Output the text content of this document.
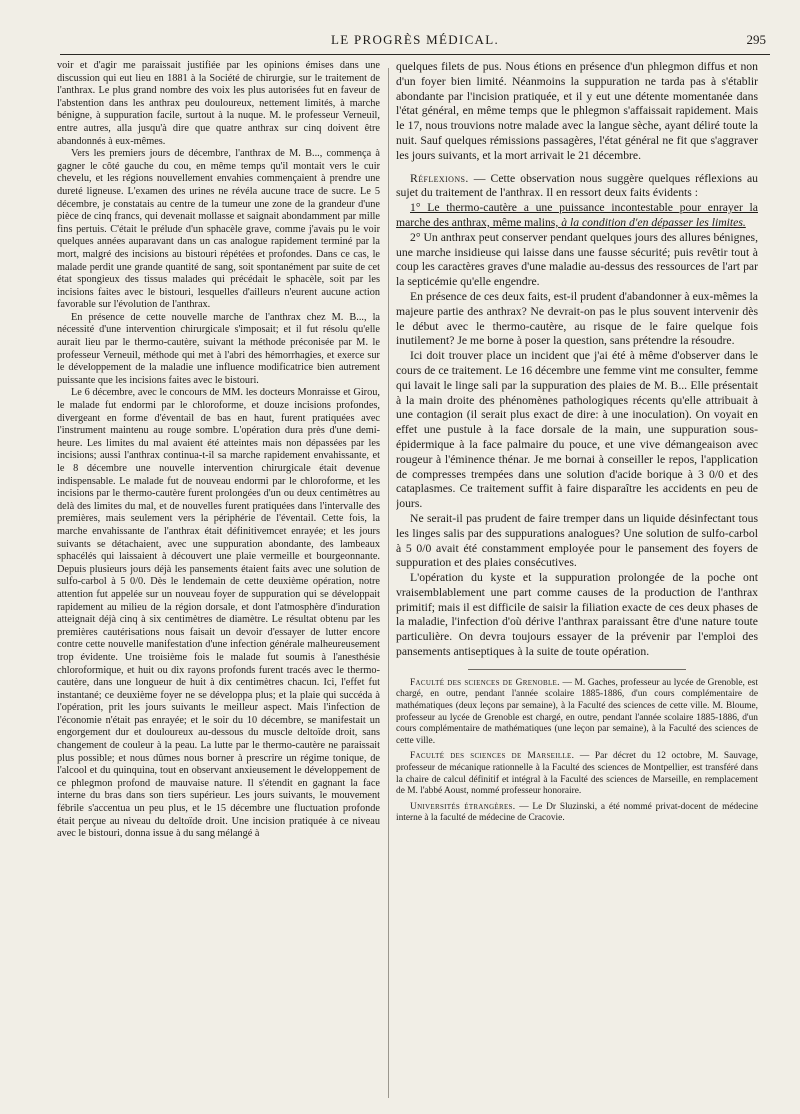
LE PROGRÈS MÉDICAL.	295

voir et d'agir me paraissait justifiée par les opinions émises dans une discussion qui eut lieu en 1881 à la Société de chirurgie, sur le traitement de l'anthrax. Le plus grand nombre des voix les plus autorisées fut en faveur de l'abstention dans les anthrax peu douloureux, nettement limités, à marche bénigne, à suppuration facile, surtout à la nuque. M. le professeur Verneuil, entre autres, alla jusqu'à dire que quatre anthrax sur cinq doivent être abandonnés à eux-mêmes.

Vers les premiers jours de décembre, l'anthrax de M. B..., commença à gagner le côté gauche du cou, en même temps qu'il montait vers le cuir chevelu, et les régions nouvellement envahies commençaient à prendre une dureté ligneuse. L'examen des urines ne révéla aucune trace de sucre. Le 5 décembre, je constatais au centre de la tumeur une zone de la grandeur d'une pièce de cinq francs, qui devenait mollasse et saignait abondamment par mille fins pertuis. C'était le prélude d'un sphacèle grave, comme j'avais pu le voir quelques années auparavant dans un cas analogue rapidement terminé par la mort, malgré des incisions au bistouri répétées et profondes. Dans ce cas, le malade perdit une grande quantité de sang, soit spontanément par suite de cet état spongieux des tissus malades qui précédait le sphacèle, soit par les incisions faites avec le bistouri, lesquelles d'ailleurs n'eurent aucune action favorable sur l'évolution de l'anthrax.

En présence de cette nouvelle marche de l'anthrax chez M. B..., la nécessité d'une intervention chirurgicale s'imposait; et il fut résolu qu'elle aurait lieu par le thermo-cautère, suivant la méthode préconisée par M. le professeur Verneuil, méthode qui met à l'abri des hémorrhagies, et exerce sur le développement de la maladie une influence modificatrice bien autrement puissante que les incisions faites avec le bistouri.

Le 6 décembre, avec le concours de MM. les docteurs Monraisse et Girou, le malade fut endormi par le chloroforme, et douze incisions profondes, divergeant en forme d'éventail de bas en haut, furent pratiquées avec l'instrument maintenu au rouge sombre. L'opération dura près d'une demi-heure. Les limites du mal avaient été atteintes mais non dépassées par les incisions; aussi l'anthrax continua-t-il sa marche rapidement envahissante, et le 8 décembre une nouvelle intervention chirurgicale était devenue indispensable. Le malade fut de nouveau endormi par le chloroforme, et les incisions par le thermo-cautère furent prolongées d'un ou deux centimètres au delà des limites du mal, et de nouvelles furent pratiquées dans l'intervalle des premières, mais seulement vers la périphérie de l'éventail. Cette fois, la marche envahissante de l'anthrax était définitivemcet enrayée; et les jours suivants se détachaient, avec une suppuration abondante, des lambeaux sphacélés qui laissaient à découvert une plaie vermeille et bourgeonnante. Depuis plusieurs jours déjà les pansements étaient faits avec une solution de sulfo-carbol à 5 0/0. Dès le lendemain de cette deuxième opération, notre attention fut appelée sur un nouveau foyer de suppuration qui se développait rapidement au milieu de la région dorsale, et dont l'atmosphère d'induration atteignait déjà cinq à six centimètres de diamètre. Le résultat obtenu par les premières cautérisations nous faisait un devoir d'essayer de lutter encore contre cette nouvelle manifestation d'une infection générale malheureusement trop évidente. Une troisième fois le malade fut soumis à l'anesthésie chloroformique, et huit ou dix rayons profonds furent tracés avec le thermo-cautère, dans une longueur de huit à dix centimètres chacun. Ici, l'effet fut instantané; ce deuxième foyer ne se développa plus; et la plaie qui succéda à l'opération, prit les jours suivants le meilleur aspect. Mais l'infection de l'économie n'était pas enrayée; et le soir du 10 décembre, se manifestait un engorgement dur et douloureux au-dessous du muscle deltoïde droit, sans changement de couleur à la peau. La lutte par le thermo-cautère ne paraissait plus possible; et nous dûmes nous borner à prescrire un régime tonique, de l'alcool et du quinquina, tout en observant anxieusement le développement de ce phlegmon profond de mauvaise nature. Il s'étendit en gagnant la face interne du bras dans son tiers supérieur. Les jours suivants, le mouvement fébrile s'accentua un peu plus, et le 15 décembre une fluctuation profonde était perçue au niveau du deltoïde droit. Une incision pratiquée à ce niveau avec le bistouri, donna issue à du sang mélangé à

quelques filets de pus. Nous étions en présence d'un phlegmon diffus et non d'un foyer bien limité. Néanmoins la suppuration ne tarda pas à s'établir abondante par l'incision pratiquée, et il y eut une détente momentanée dans l'état général, en même temps que le phlegmon s'affaissait rapidement. Mais le 17, nous trouvions notre malade avec la langue sèche, ayant déliré toute la nuit. Sauf quelques rémissions passagères, l'état général ne fit que s'aggraver les jours suivants, et la mort arrivait le 21 décembre.

Réflexions. — Cette observation nous suggère quelques réflexions au sujet du traitement de l'anthrax. Il en ressort deux faits évidents :

1° Le thermo-cautère a une puissance incontestable pour enrayer la marche des anthrax, même malins, à la condition d'en dépasser les limites.

2° Un anthrax peut conserver pendant quelques jours des allures bénignes, une marche insidieuse qui laisse dans une fausse sécurité; puis revêtir tout à coup les caractères graves d'une maladie au-dessus des ressources de l'art par la septicémie qu'elle engendre.

En présence de ces deux faits, est-il prudent d'abandonner à eux-mêmes la majeure partie des anthrax? Ne devrait-on pas le plus souvent intervenir dès le début avec le thermo-cautère, au risque de le faire quelque fois inutilement? Je me borne à poser la question, sans prétendre la résoudre.

Ici doit trouver place un incident que j'ai été à même d'observer dans le cours de ce traitement. Le 16 décembre une femme vint me consulter, femme qui lavait le linge sali par la suppuration des plaies de M. B... Elle présentait à la main droite des phénomènes pathologiques récents qu'elle attribuait à une contagion (il serait plus exact de dire: à une inoculation). On voyait en effet une pustule à la face dorsale de la main, une suppuration sous-épidermique à la face palmaire du pouce, et une vive démangeaison avec rougeur à l'éminence thénar. Je me bornai à conseiller le repos, l'application de compresses trempées dans une solution d'acide borique à 3 0/0 et des cataplasmes. Ce traitement suffit à faire disparaître les accidents en peu de jours.

Ne serait-il pas prudent de faire tremper dans un liquide désinfectant tous les linges salis par des suppurations analogues? Une solution de sulfo-carbol à 5 0/0 avait été constamment employée pour le pansement des foyers de suppuration et des plaies consécutives.

L'opération du kyste et la suppuration prolongée de la poche ont vraisemblablement une part comme causes de la production de l'anthrax primitif; mais il est difficile de saisir la filiation exacte de ces deux phases de la maladie, l'infection d'où dérive l'anthrax paraissant être d'une nature toute particulière. On devra toujours essayer de la prévenir par l'emploi des pansements antiseptiques à la suite de toute opération.

Faculté des sciences de Grenoble. — M. Gaches, professeur au lycée de Grenoble, est chargé, en outre, pendant l'année scolaire 1885-1886, d'un cours complémentaire de mathématiques (deux leçons par semaine), à la Faculté des sciences de cette ville. M. Bloume, professeur au lycée de Grenoble est chargé, en outre, pendant l'année scolaire 1885-1886, d'un cours complémentaire de mathématiques (une leçon par semaine), à la Faculté des sciences de cette ville.

Faculté des sciences de Marseille. — Par décret du 12 octobre, M. Sauvage, professeur de mécanique rationnelle à la Faculté des sciences de Montpellier, est transféré dans la chaire de calcul définitif et intégral à la Faculté des sciences de Marseille, en remplacement de M. l'abbé Aoust, nommé professeur honoraire.

Universités étrangères. — Le Dr Sluzinski, a été nommé privat-docent de médecine interne à la faculté de médecine de Cracovie.
